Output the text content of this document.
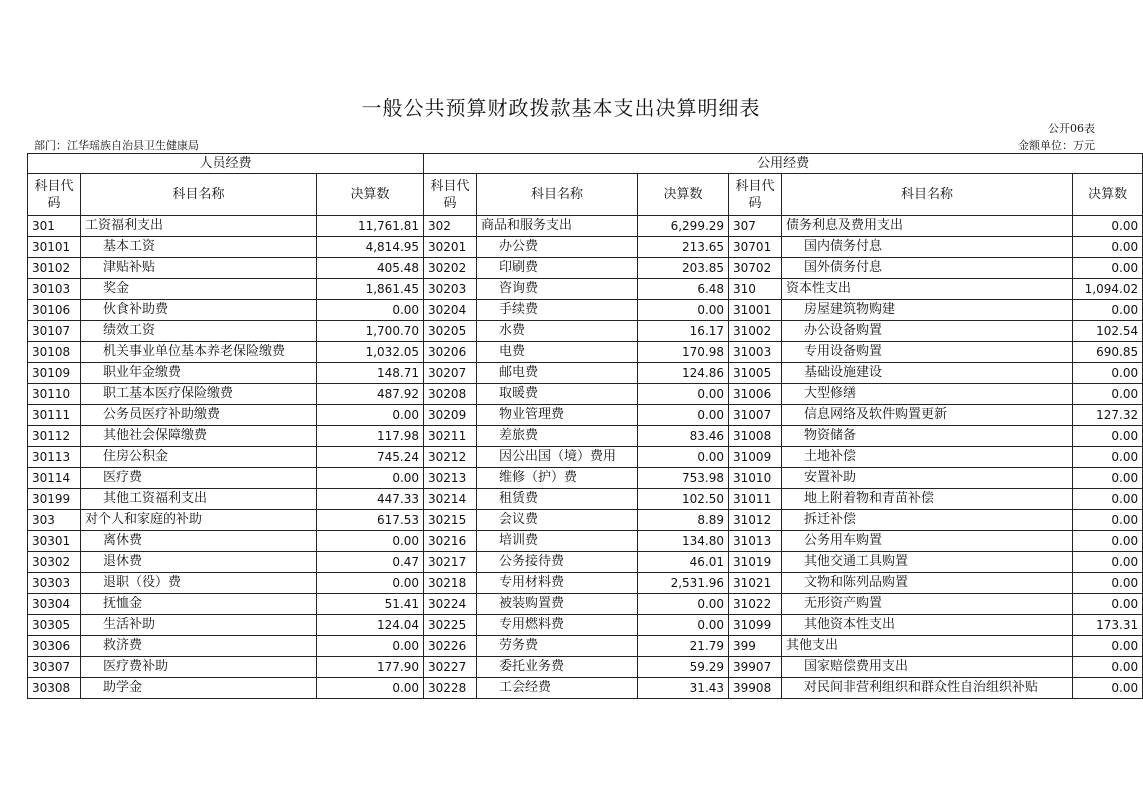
一般公共预算财政拨款基本支出决算明细表
公开06表
部门：江华瑶族自治县卫生健康局	金额单位：万元
人员经费			公用经费					
科目代码	科目名称	决算数	科目代码	科目名称	决算数	科目代码	科目名称	决算数
301	工资福利支出	11,761.81	302	商品和服务支出	6,299.29	307	债务利息及费用支出	0.00
30101	基本工资	4,814.95	30201	办公费	213.65	30701	国内债务付息	0.00
30102	津贴补贴	405.48	30202	印刷费	203.85	30702	国外债务付息	0.00
30103	奖金	1,861.45	30203	咨询费	6.48	310	资本性支出	1,094.02
30106	伙食补助费	0.00	30204	手续费	0.00	31001	房屋建筑物购建	0.00
30107	绩效工资	1,700.70	30205	水费	16.17	31002	办公设备购置	102.54
30108	机关事业单位基本养老保险缴费	1,032.05	30206	电费	170.98	31003	专用设备购置	690.85
30109	职业年金缴费	148.71	30207	邮电费	124.86	31005	基础设施建设	0.00
30110	职工基本医疗保险缴费	487.92	30208	取暖费	0.00	31006	大型修缮	0.00
30111	公务员医疗补助缴费	0.00	30209	物业管理费	0.00	31007	信息网络及软件购置更新	127.32
30112	其他社会保障缴费	117.98	30211	差旅费	83.46	31008	物资储备	0.00
30113	住房公积金	745.24	30212	因公出国（境）费用	0.00	31009	土地补偿	0.00
30114	医疗费	0.00	30213	维修（护）费	753.98	31010	安置补助	0.00
30199	其他工资福利支出	447.33	30214	租赁费	102.50	31011	地上附着物和青苗补偿	0.00
303	对个人和家庭的补助	617.53	30215	会议费	8.89	31012	拆迁补偿	0.00
30301	离休费	0.00	30216	培训费	134.80	31013	公务用车购置	0.00
30302	退休费	0.47	30217	公务接待费	46.01	31019	其他交通工具购置	0.00
30303	退职（役）费	0.00	30218	专用材料费	2,531.96	31021	文物和陈列品购置	0.00
30304	抚恤金	51.41	30224	被装购置费	0.00	31022	无形资产购置	0.00
30305	生活补助	124.04	30225	专用燃料费	0.00	31099	其他资本性支出	173.31
30306	救济费	0.00	30226	劳务费	21.79	399	其他支出	0.00
30307	医疗费补助	177.90	30227	委托业务费	59.29	39907	国家赔偿费用支出	0.00
30308	助学金	0.00	30228	工会经费	31.43	39908	对民间非营利组织和群众性自治组织补贴	0.00
